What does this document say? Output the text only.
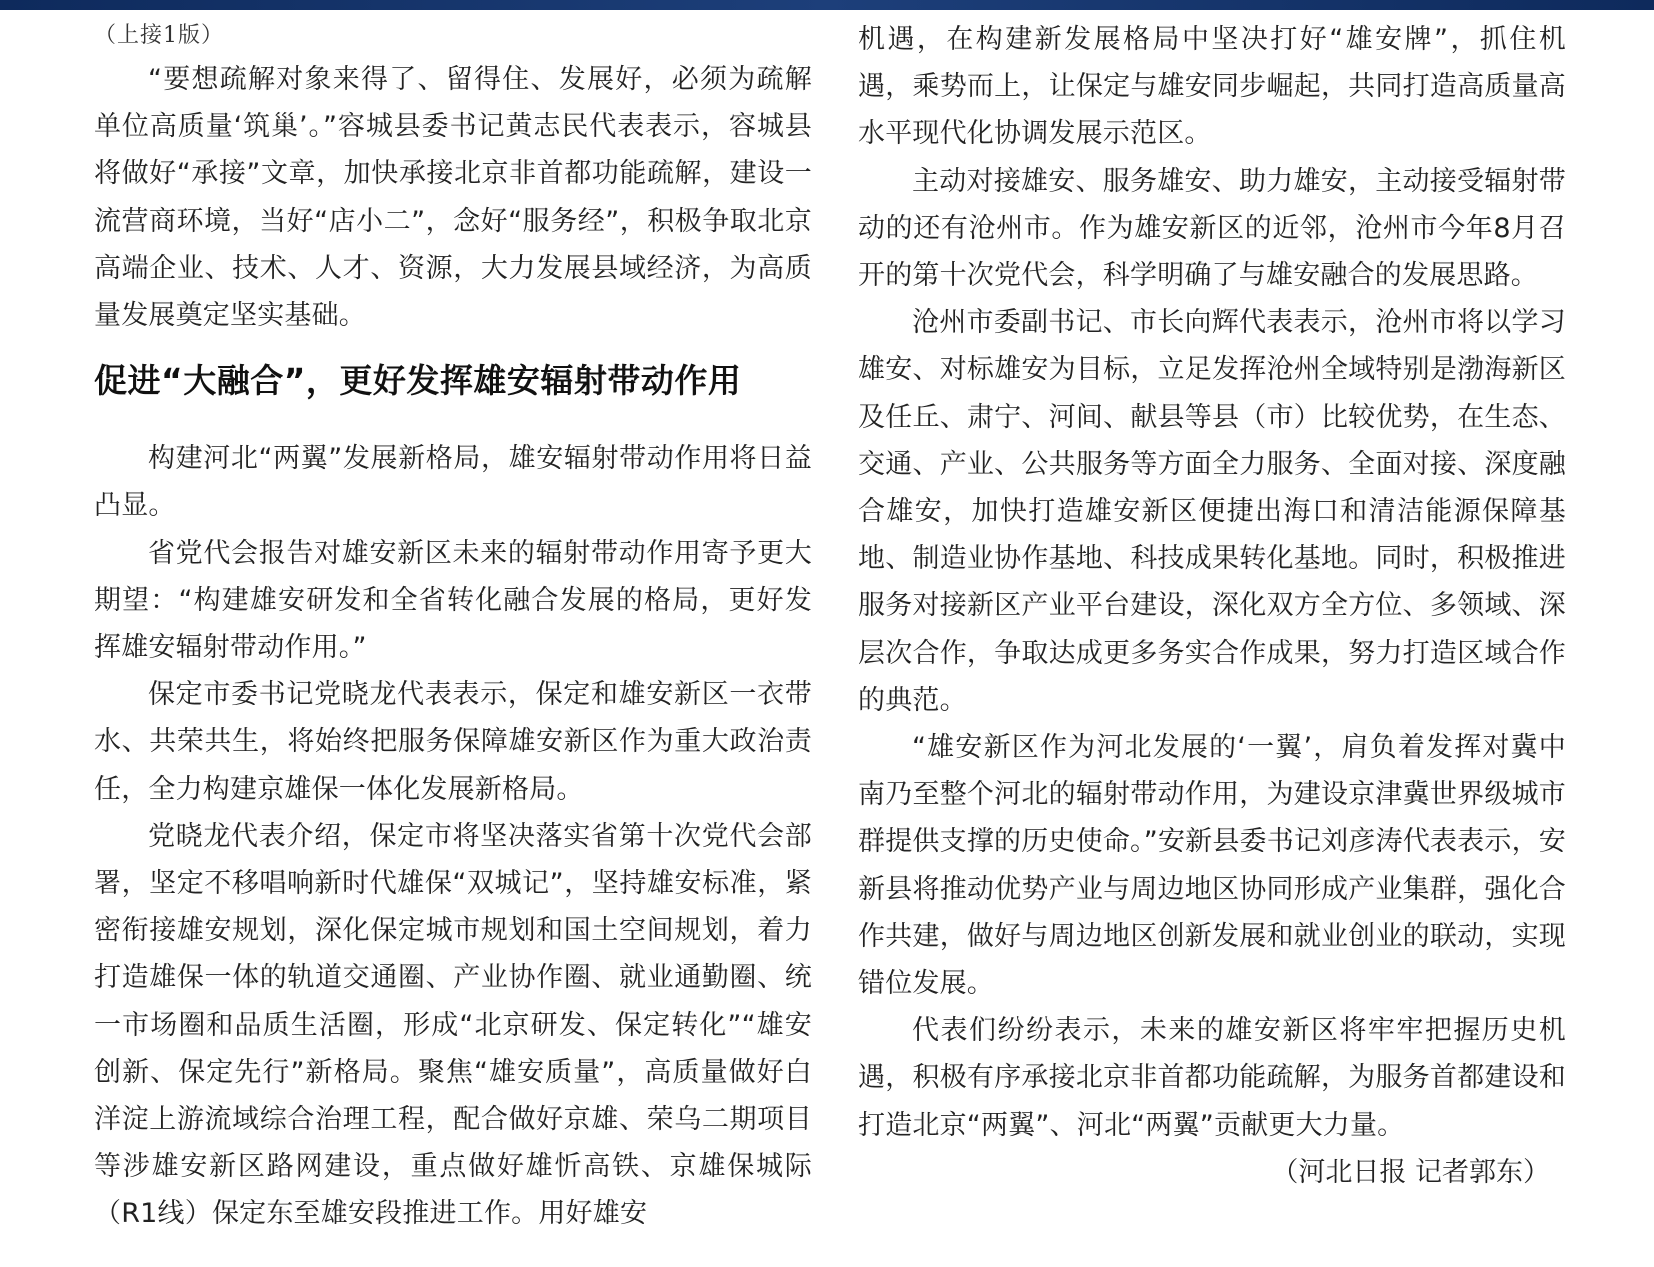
（上接1版）

“要想疏解对象来得了、留得住、发展好，必须为疏解单位高质量‘筑巢’。”容城县委书记黄志民代表表示，容城县将做好“承接”文章，加快承接北京非首都功能疏解，建设一流营商环境，当好“店小二”，念好“服务经”，积极争取北京高端企业、技术、人才、资源，大力发展县域经济，为高质量发展奠定坚实基础。

促进“大融合”，更好发挥雄安辐射带动作用

构建河北“两翼”发展新格局，雄安辐射带动作用将日益凸显。

省党代会报告对雄安新区未来的辐射带动作用寄予更大期望：“构建雄安研发和全省转化融合发展的格局，更好发挥雄安辐射带动作用。”

保定市委书记党晓龙代表表示，保定和雄安新区一衣带水、共荣共生，将始终把服务保障雄安新区作为重大政治责任，全力构建京雄保一体化发展新格局。

党晓龙代表介绍，保定市将坚决落实省第十次党代会部署，坚定不移唱响新时代雄保“双城记”，坚持雄安标准，紧密衔接雄安规划，深化保定城市规划和国土空间规划，着力打造雄保一体的轨道交通圈、产业协作圈、就业通勤圈、统一市场圈和品质生活圈，形成“北京研发、保定转化”“雄安创新、保定先行”新格局。聚焦“雄安质量”，高质量做好白洋淀上游流域综合治理工程，配合做好京雄、荣乌二期项目等涉雄安新区路网建设，重点做好雄忻高铁、京雄保城际（R1线）保定东至雄安段推进工作。用好雄安

机遇，在构建新发展格局中坚决打好“雄安牌”，抓住机遇，乘势而上，让保定与雄安同步崛起，共同打造高质量高水平现代化协调发展示范区。

主动对接雄安、服务雄安、助力雄安，主动接受辐射带动的还有沧州市。作为雄安新区的近邻，沧州市今年8月召开的第十次党代会，科学明确了与雄安融合的发展思路。

沧州市委副书记、市长向辉代表表示，沧州市将以学习雄安、对标雄安为目标，立足发挥沧州全域特别是渤海新区及任丘、肃宁、河间、献县等县（市）比较优势，在生态、交通、产业、公共服务等方面全力服务、全面对接、深度融合雄安，加快打造雄安新区便捷出海口和清洁能源保障基地、制造业协作基地、科技成果转化基地。同时，积极推进服务对接新区产业平台建设，深化双方全方位、多领域、深层次合作，争取达成更多务实合作成果，努力打造区域合作的典范。

“雄安新区作为河北发展的‘一翼’，肩负着发挥对冀中南乃至整个河北的辐射带动作用，为建设京津冀世界级城市群提供支撑的历史使命。”安新县委书记刘彦涛代表表示，安新县将推动优势产业与周边地区协同形成产业集群，强化合作共建，做好与周边地区创新发展和就业创业的联动，实现错位发展。

代表们纷纷表示，未来的雄安新区将牢牢把握历史机遇，积极有序承接北京非首都功能疏解，为服务首都建设和打造北京“两翼”、河北“两翼”贡献更大力量。

（河北日报 记者郭东）
